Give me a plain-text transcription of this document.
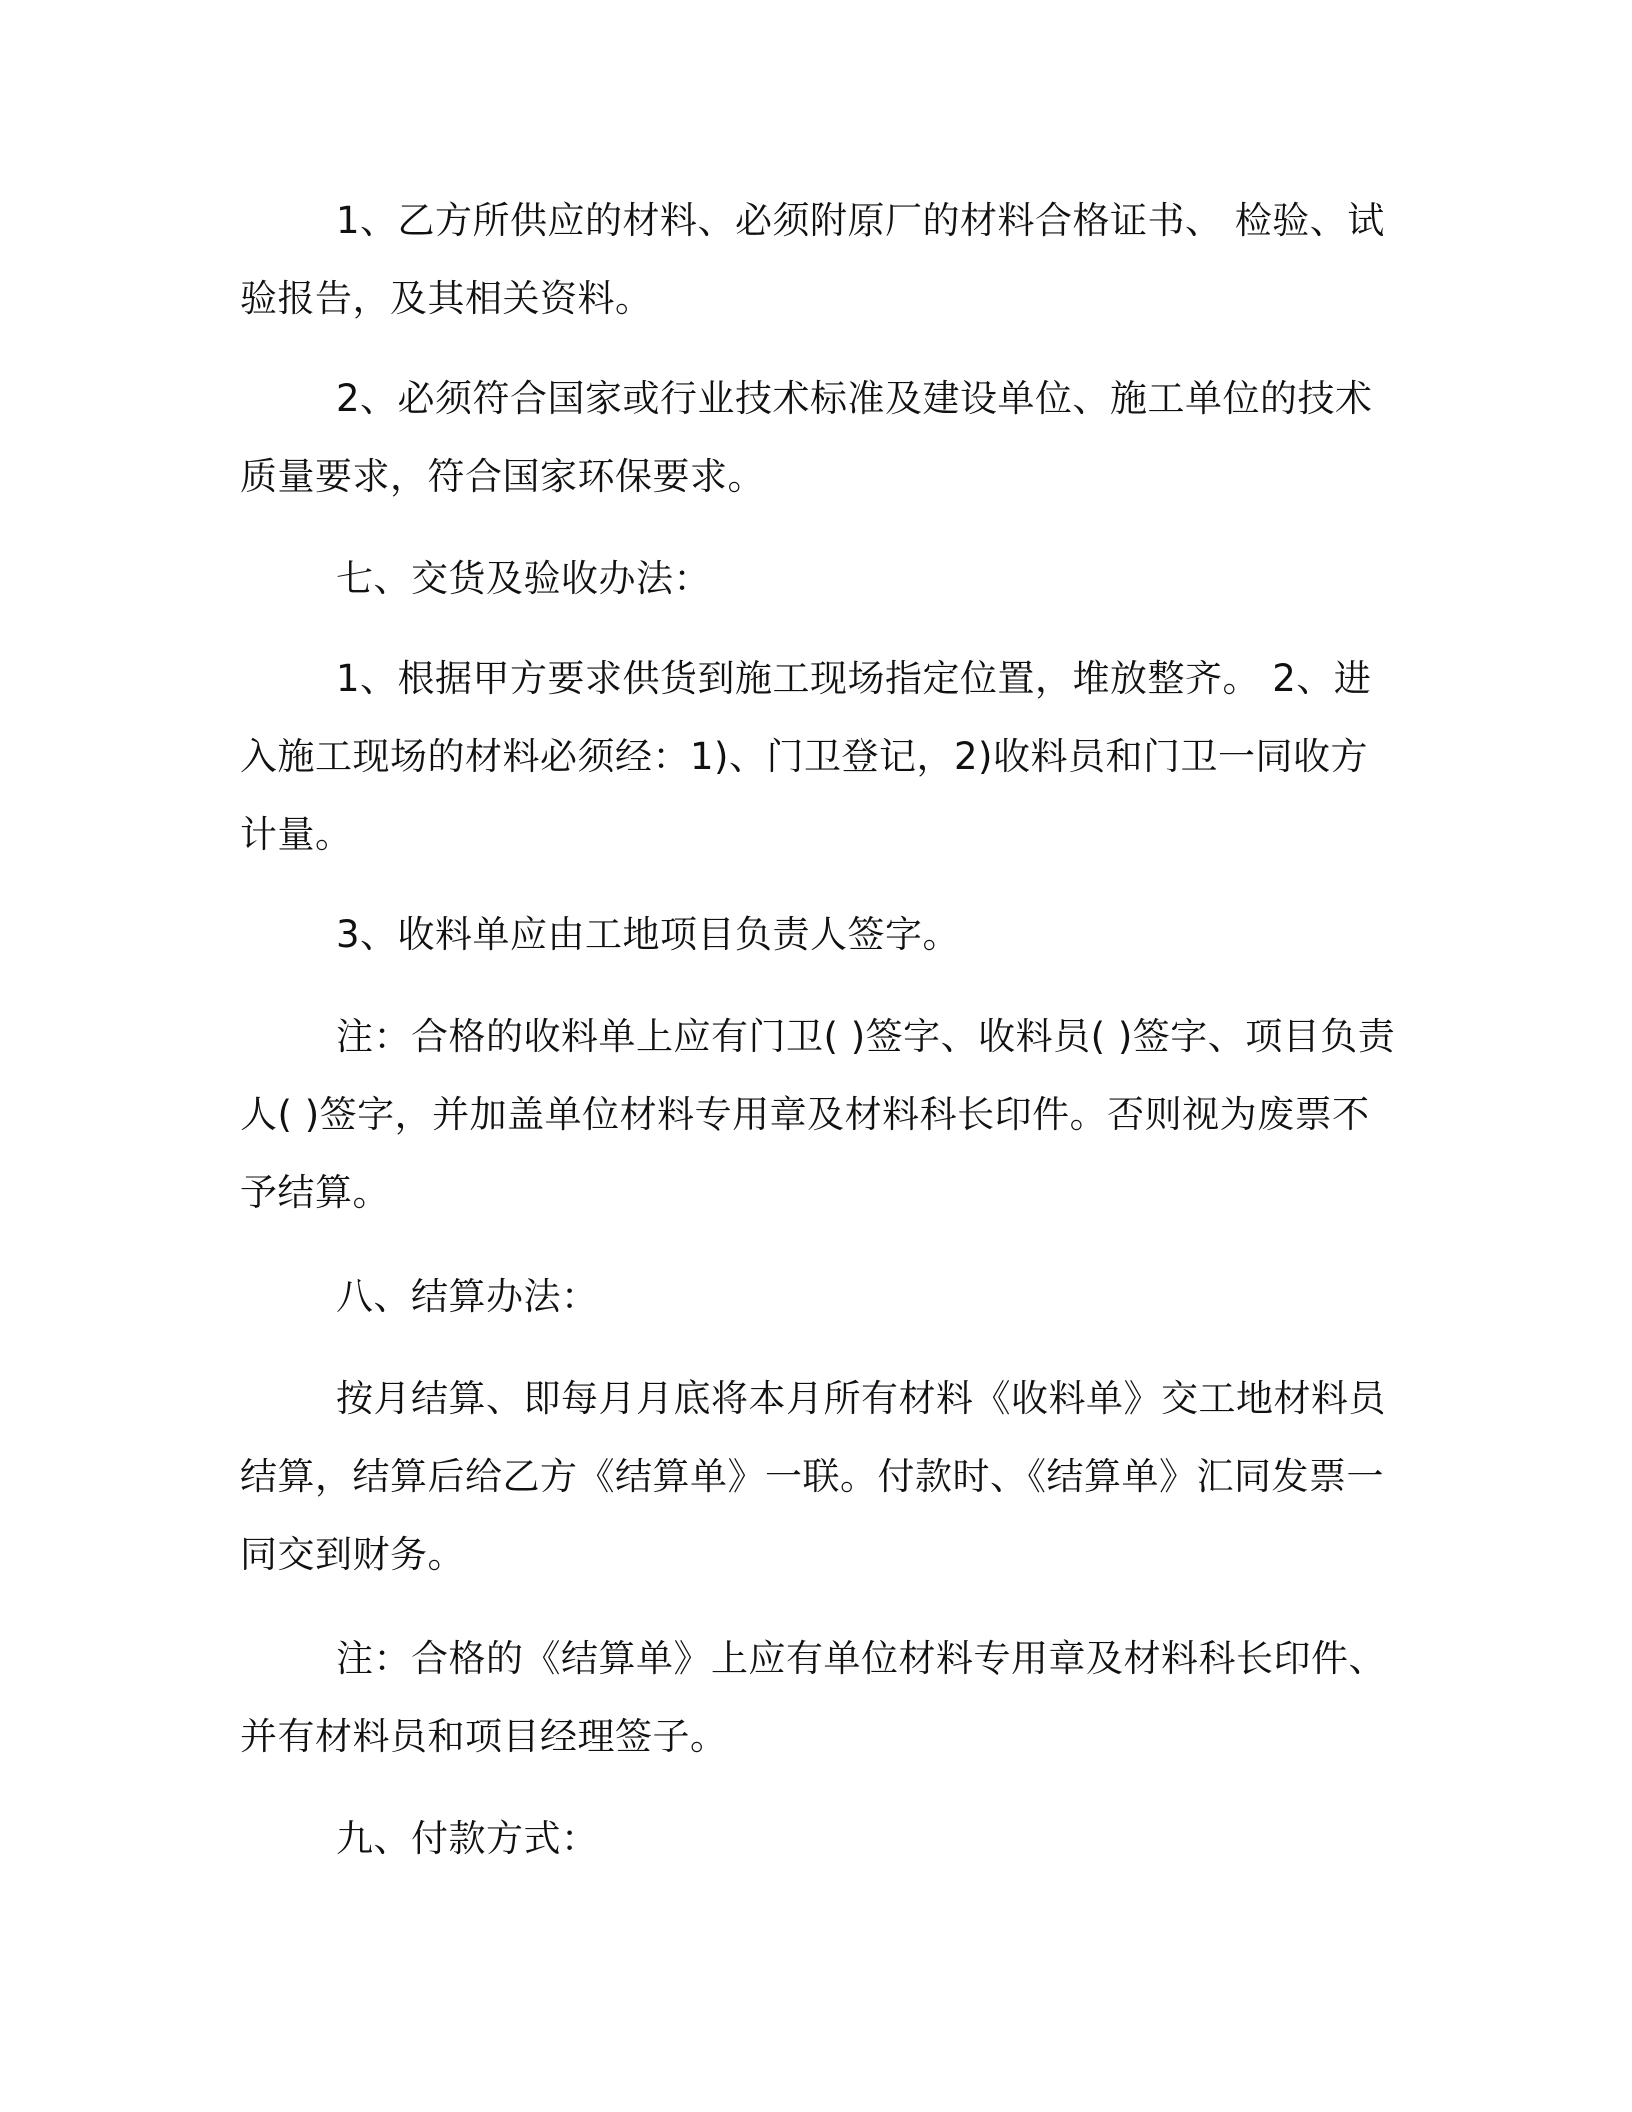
1、乙方所供应的材料、必须附原厂的材料合格证书、 检验、试验报告，及其相关资料。

2、必须符合国家或行业技术标准及建设单位、施工单位的技术质量要求，符合国家环保要求。

七、交货及验收办法：

1、根据甲方要求供货到施工现场指定位置，堆放整齐。 2、进入施工现场的材料必须经：1)、门卫登记，2)收料员和门卫一同收方计量。

3、收料单应由工地项目负责人签字。

注：合格的收料单上应有门卫( )签字、收料员( )签字、项目负责人( )签字，并加盖单位材料专用章及材料科长印件。否则视为废票不予结算。

八、结算办法：

按月结算、即每月月底将本月所有材料《收料单》交工地材料员结算，结算后给乙方《结算单》一联。付款时、《结算单》汇同发票一同交到财务。

注：合格的《结算单》上应有单位材料专用章及材料科长印件、并有材料员和项目经理签子。

九、付款方式：
